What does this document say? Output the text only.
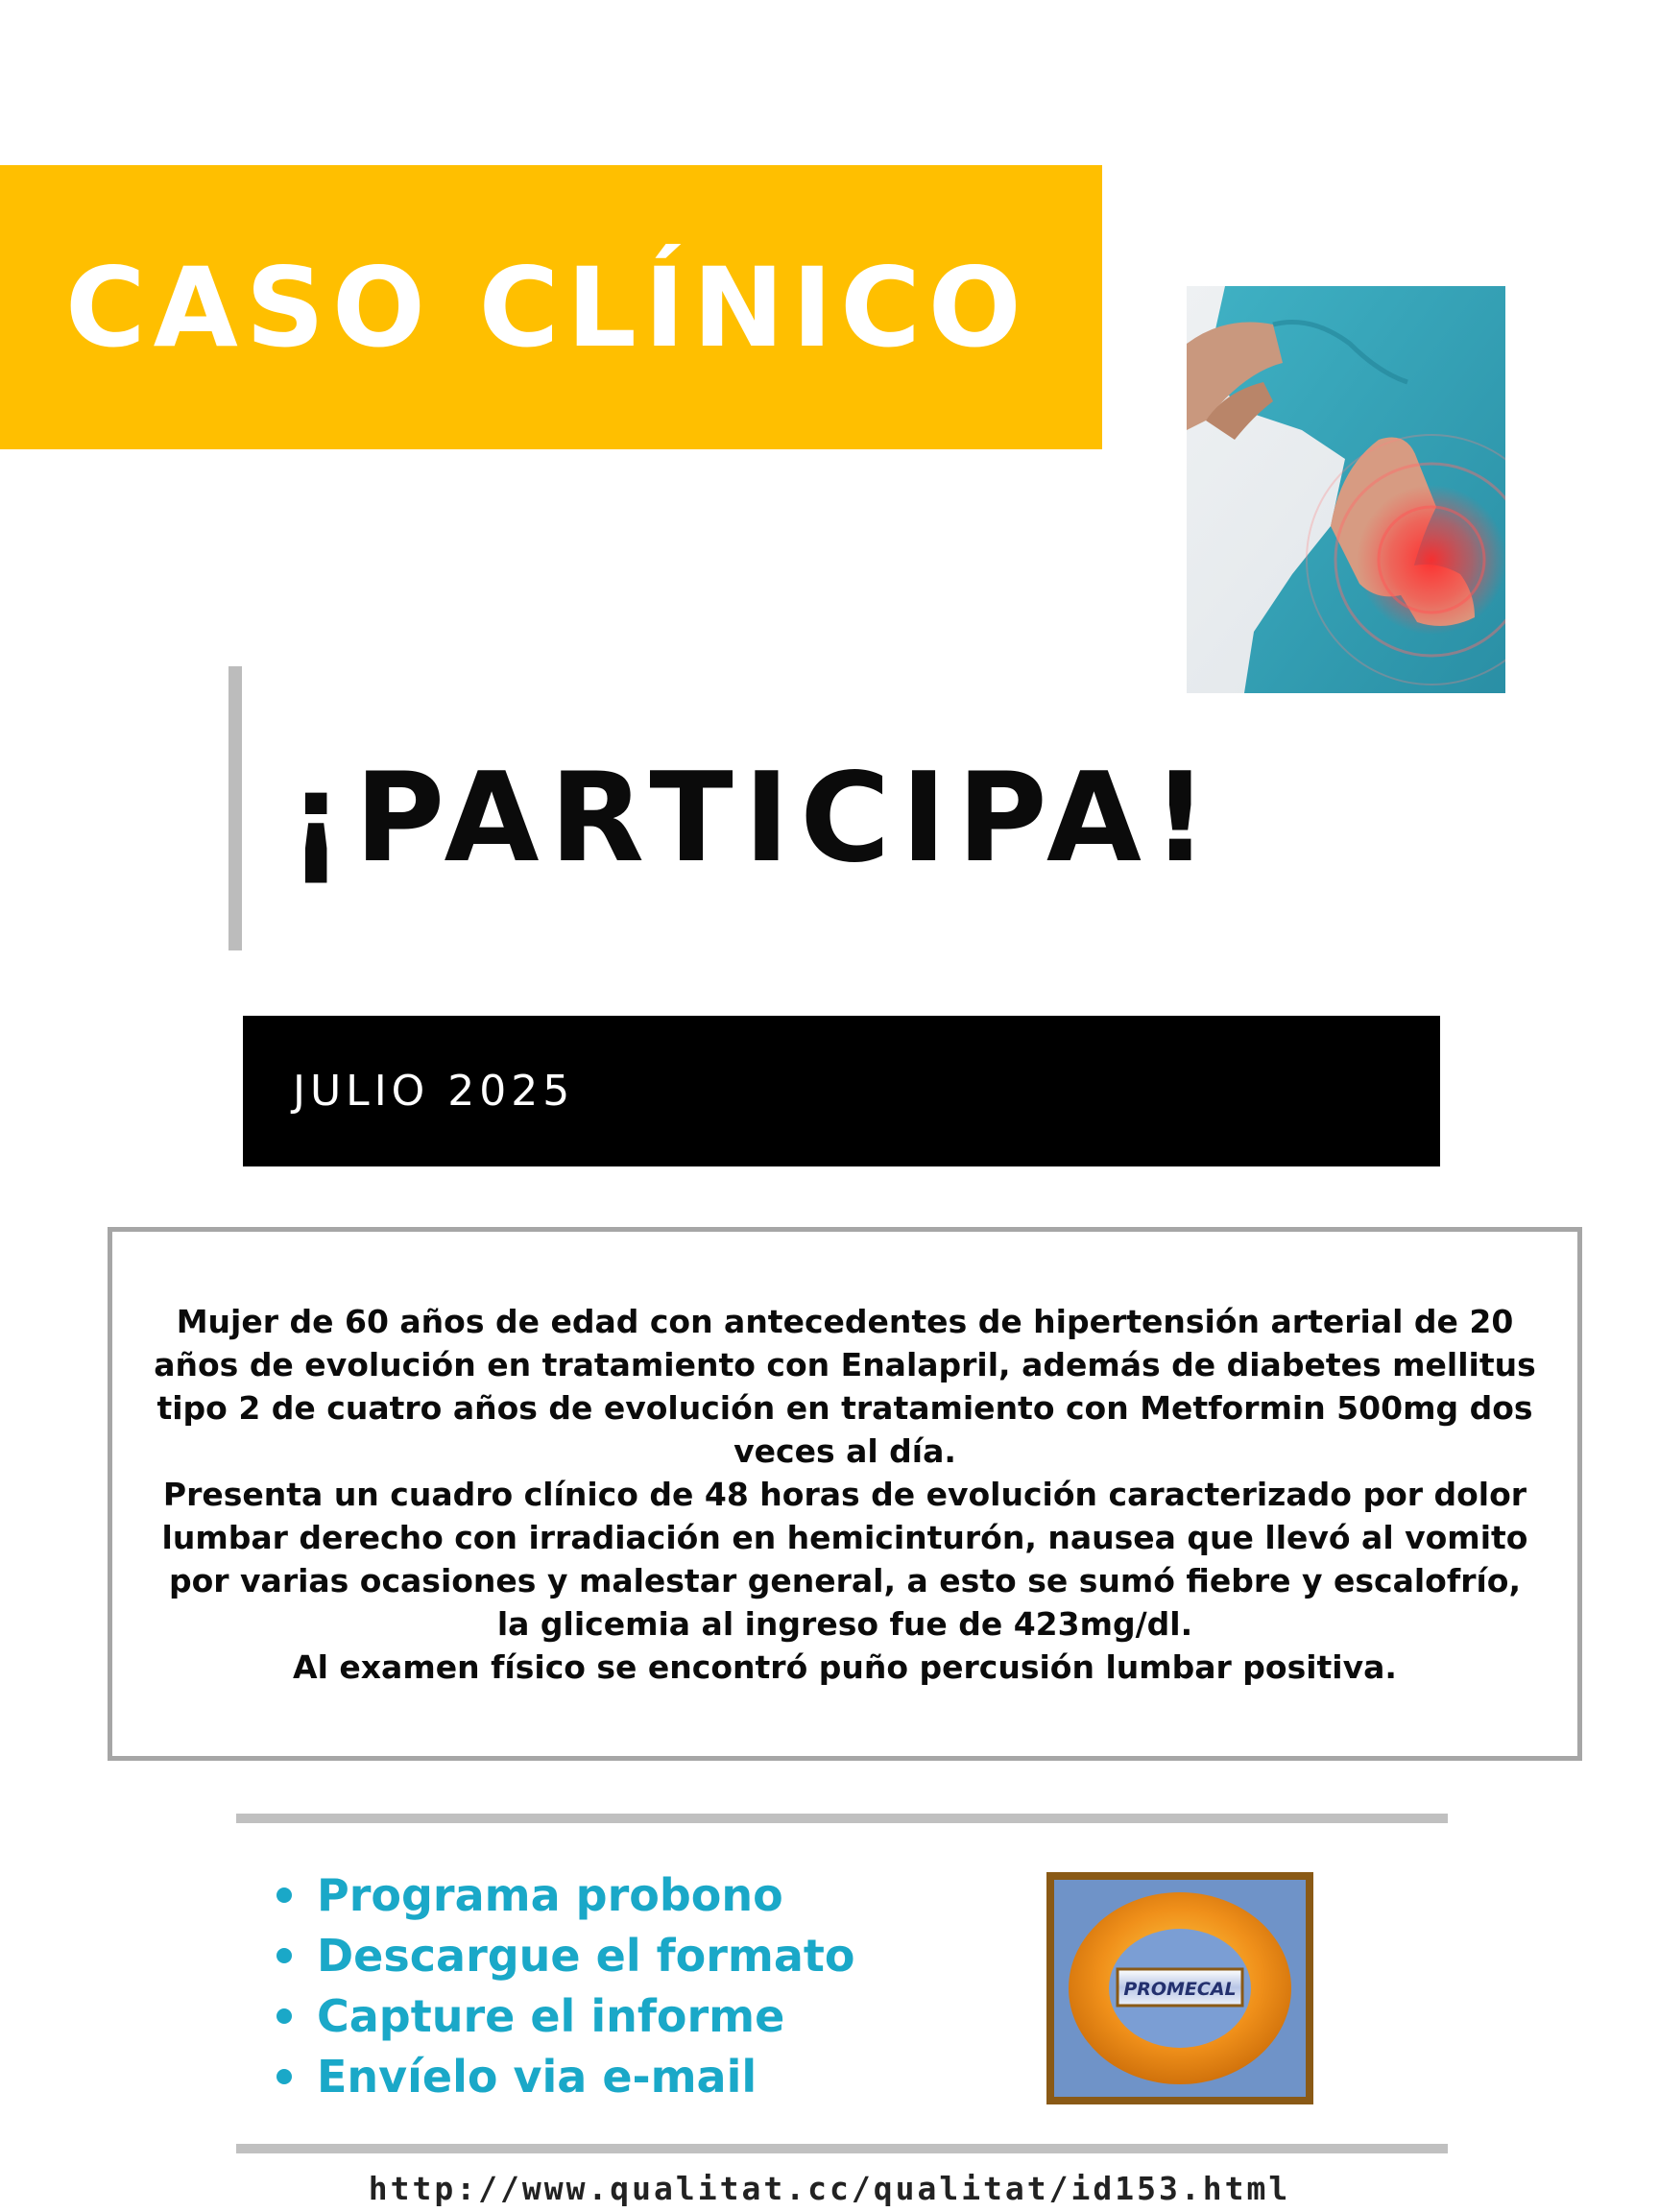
CASO CLÍNICO
¡PARTICIPA!
JULIO 2025

Mujer de 60 años de edad con antecedentes de hipertensión arterial de 20 años de evolución en tratamiento con Enalapril, además de diabetes mellitus tipo 2 de cuatro años de evolución en tratamiento con Metformin 500mg dos veces al día.

Presenta un cuadro clínico de 48 horas de evolución caracterizado por dolor lumbar derecho con irradiación en hemicinturón, nausea que llevó al vomito por varias ocasiones y malestar general, a esto se sumó fiebre y escalofrío, la glicemia al ingreso fue de 423mg/dl.

Al examen físico se encontró puño percusión lumbar positiva.

Programa probono
Descargue el formato
Capture el informe
Envíelo via e-mail
PROMECAL
http://www.qualitat.cc/qualitat/id153.html
